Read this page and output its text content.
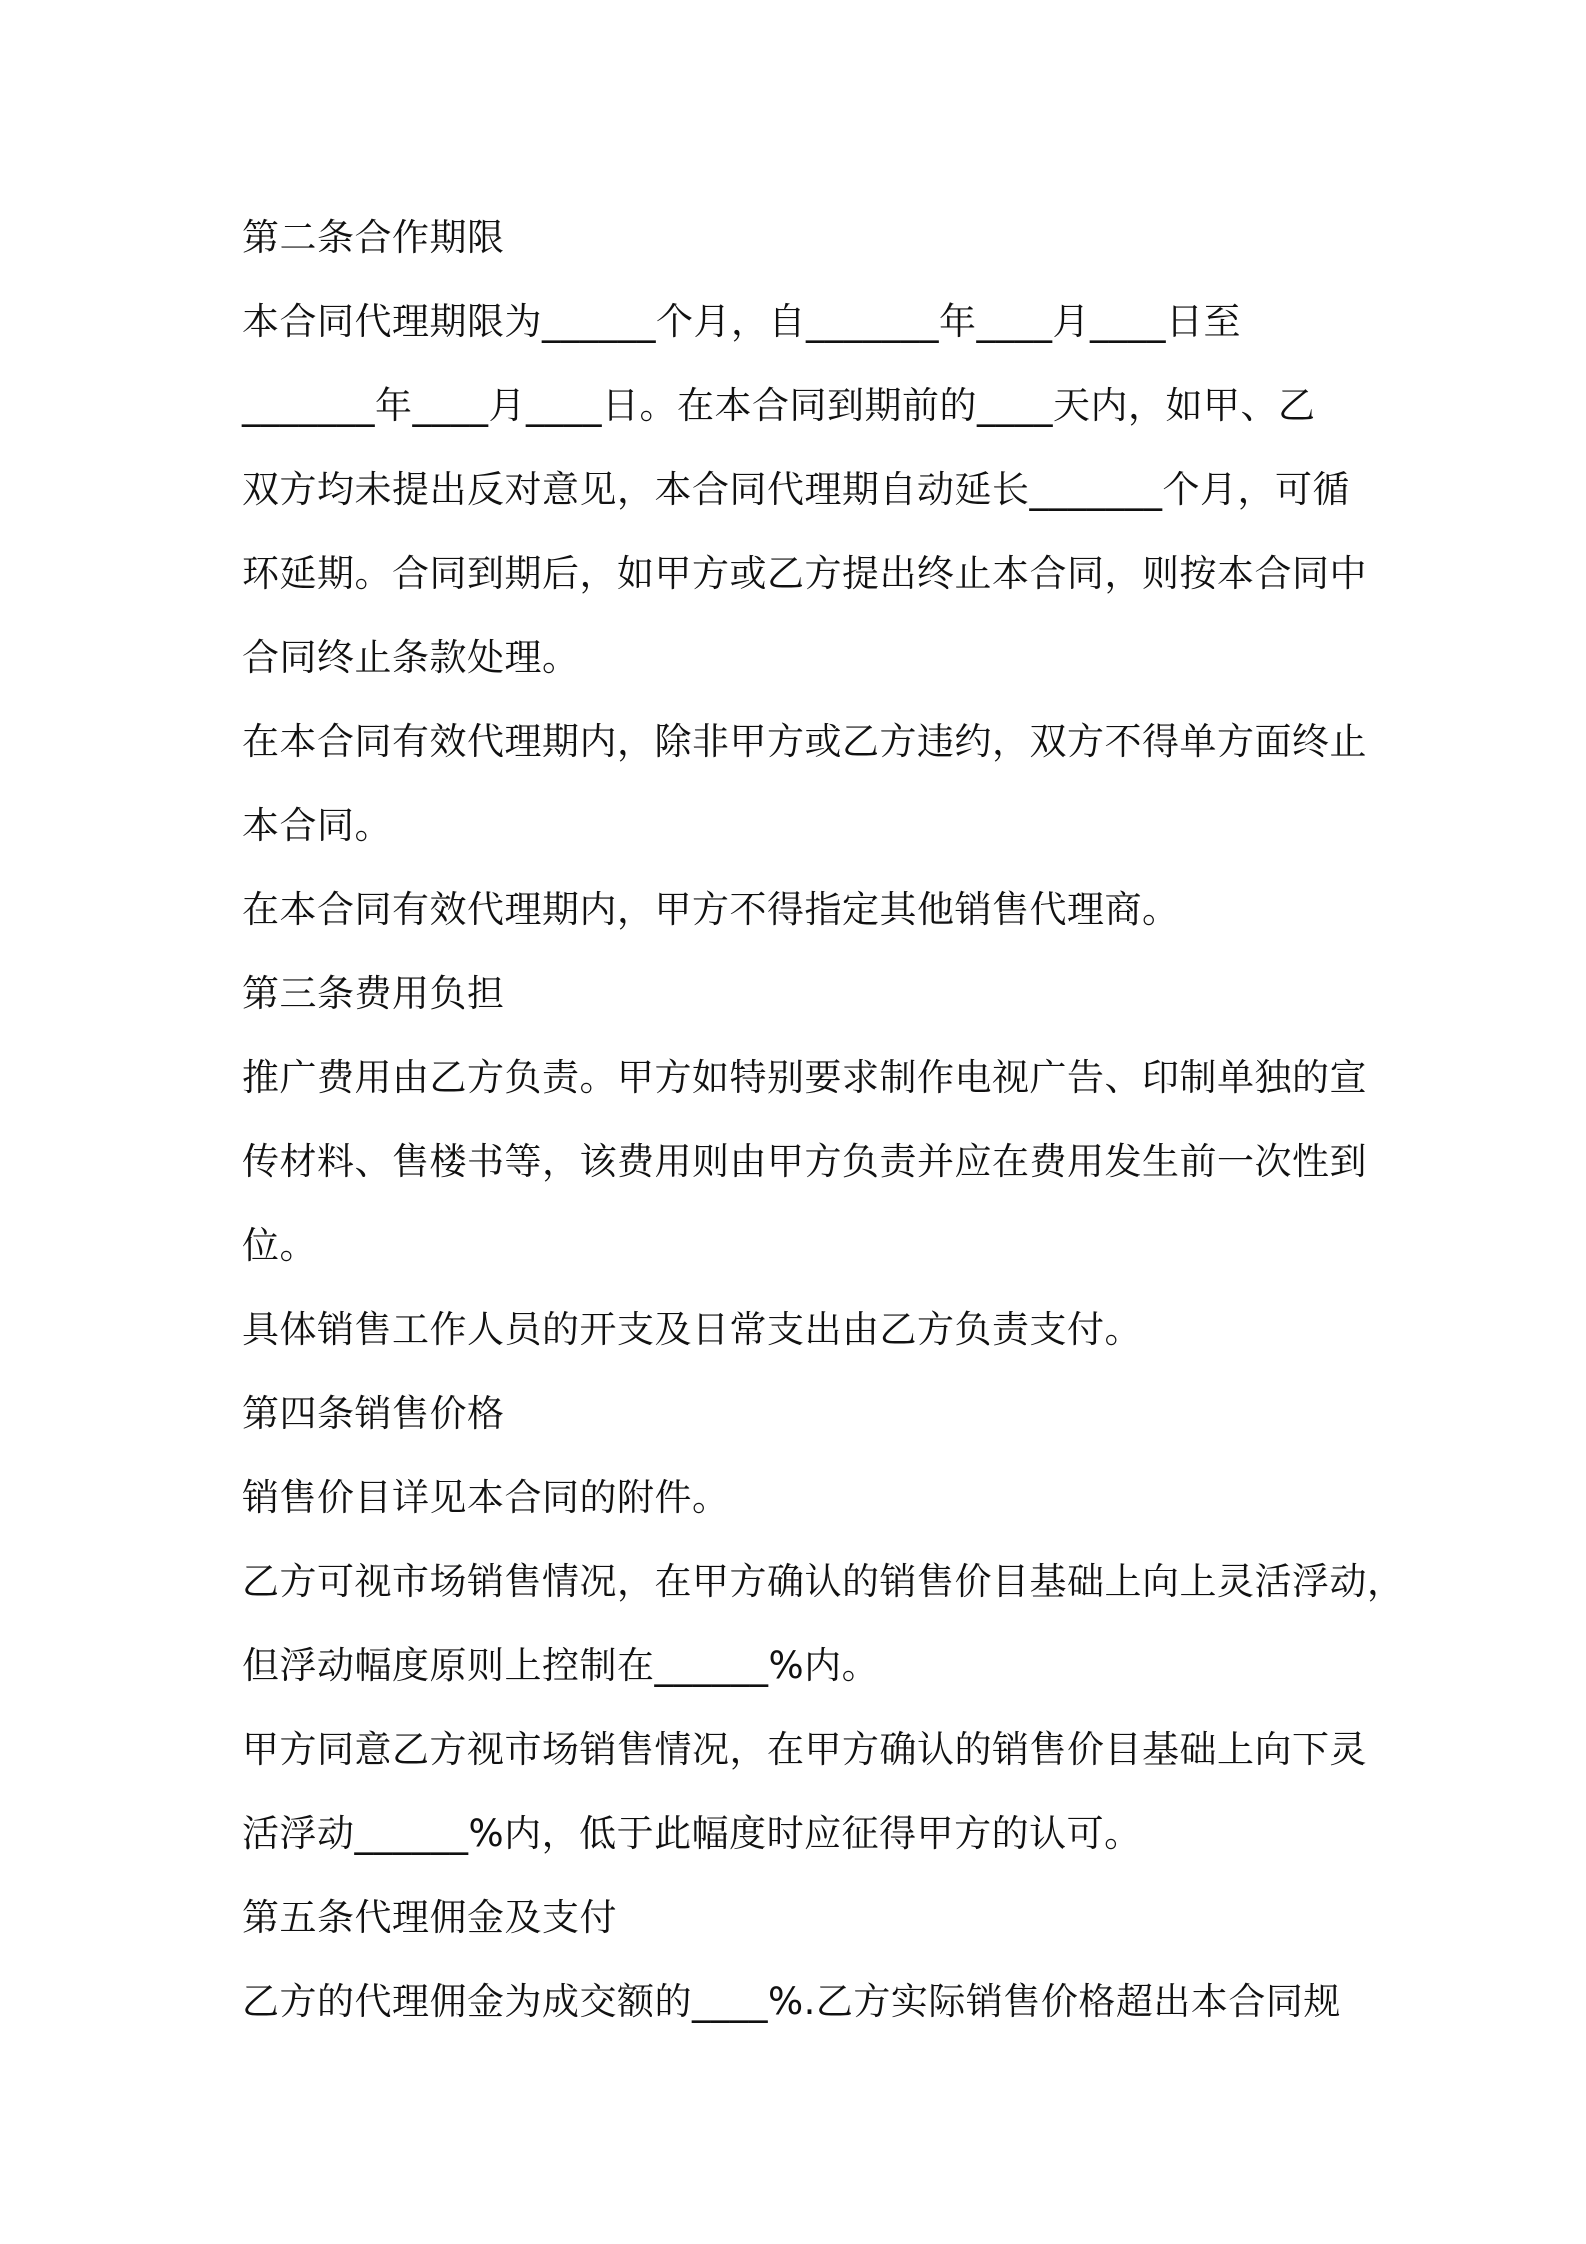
第二条合作期限
本合同代理期限为______个月，自_______年____月____日至
_______年____月____日。在本合同到期前的____天内，如甲、乙
双方均未提出反对意见，本合同代理期自动延长_______个月，可循
环延期。合同到期后，如甲方或乙方提出终止本合同，则按本合同中
合同终止条款处理。
在本合同有效代理期内，除非甲方或乙方违约，双方不得单方面终止
本合同。
在本合同有效代理期内，甲方不得指定其他销售代理商。
第三条费用负担
推广费用由乙方负责。甲方如特别要求制作电视广告、印制单独的宣
传材料、售楼书等，该费用则由甲方负责并应在费用发生前一次性到
位。
具体销售工作人员的开支及日常支出由乙方负责支付。
第四条销售价格
销售价目详见本合同的附件。
乙方可视市场销售情况，在甲方确认的销售价目基础上向上灵活浮动，
但浮动幅度原则上控制在______%内。
甲方同意乙方视市场销售情况，在甲方确认的销售价目基础上向下灵
活浮动______%内，低于此幅度时应征得甲方的认可。
第五条代理佣金及支付
乙方的代理佣金为成交额的____%.乙方实际销售价格超出本合同规
